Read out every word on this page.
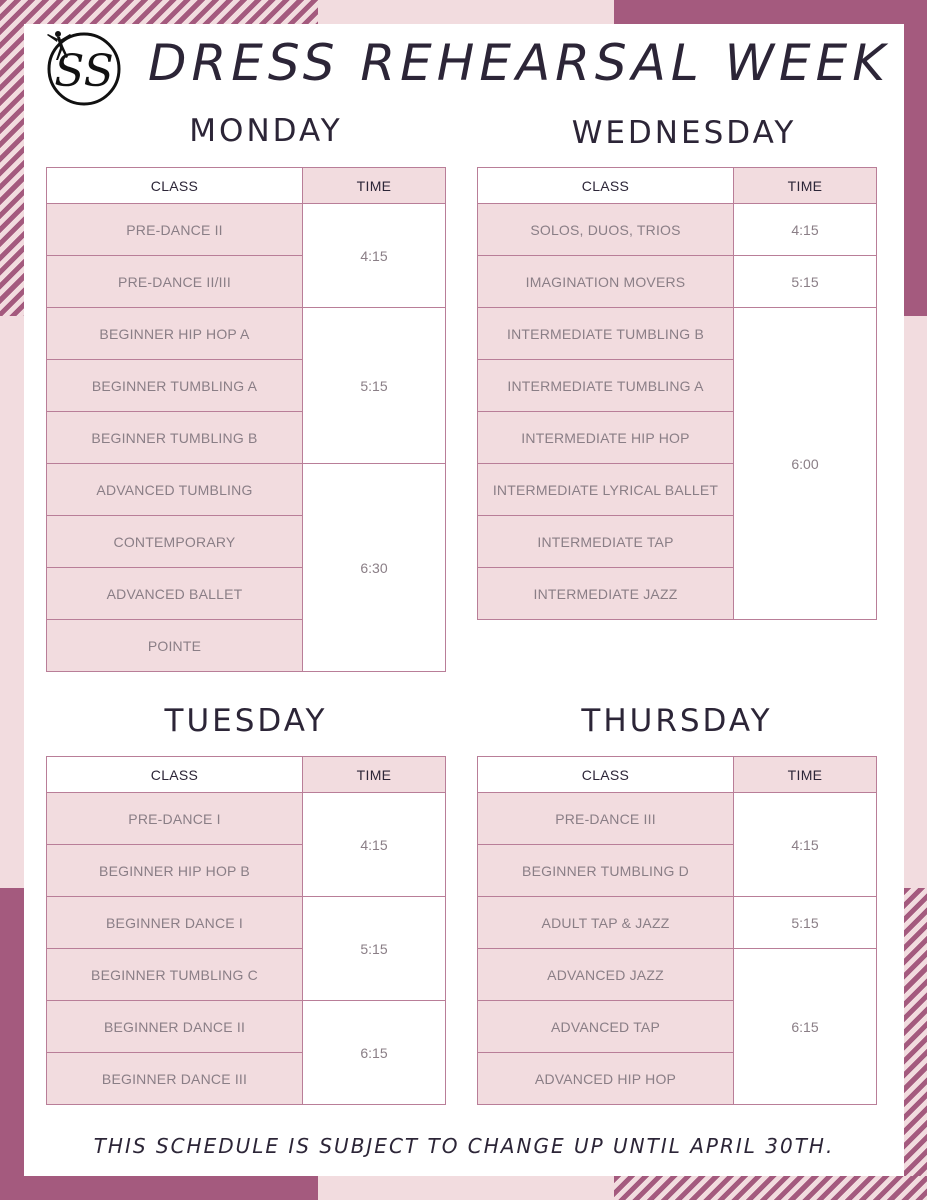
SS DRESS REHEARSAL WEEK
MONDAY	WEDNESDAY
TUESDAY	THURSDAY
CLASS	TIME
PRE-DANCE II	4:15
PRE-DANCE II/III	
BEGINNER HIP HOP A	5:15
BEGINNER TUMBLING A	
BEGINNER TUMBLING B	
ADVANCED TUMBLING	6:30
CONTEMPORARY	
ADVANCED BALLET	
POINTE	
CLASS	TIME
SOLOS, DUOS, TRIOS	4:15
IMAGINATION MOVERS	5:15
INTERMEDIATE TUMBLING B	6:00
INTERMEDIATE TUMBLING A	
INTERMEDIATE HIP HOP	
INTERMEDIATE LYRICAL BALLET	
INTERMEDIATE TAP	
INTERMEDIATE JAZZ	
CLASS	TIME
PRE-DANCE I	4:15
BEGINNER HIP HOP B	
BEGINNER DANCE I	5:15
BEGINNER TUMBLING C	
BEGINNER DANCE II	6:15
BEGINNER DANCE III	
CLASS	TIME
PRE-DANCE III	4:15
BEGINNER TUMBLING D	
ADULT TAP & JAZZ	5:15
ADVANCED JAZZ	6:15
ADVANCED TAP	
ADVANCED HIP HOP	
THIS SCHEDULE IS SUBJECT TO CHANGE UP UNTIL APRIL 30TH.
